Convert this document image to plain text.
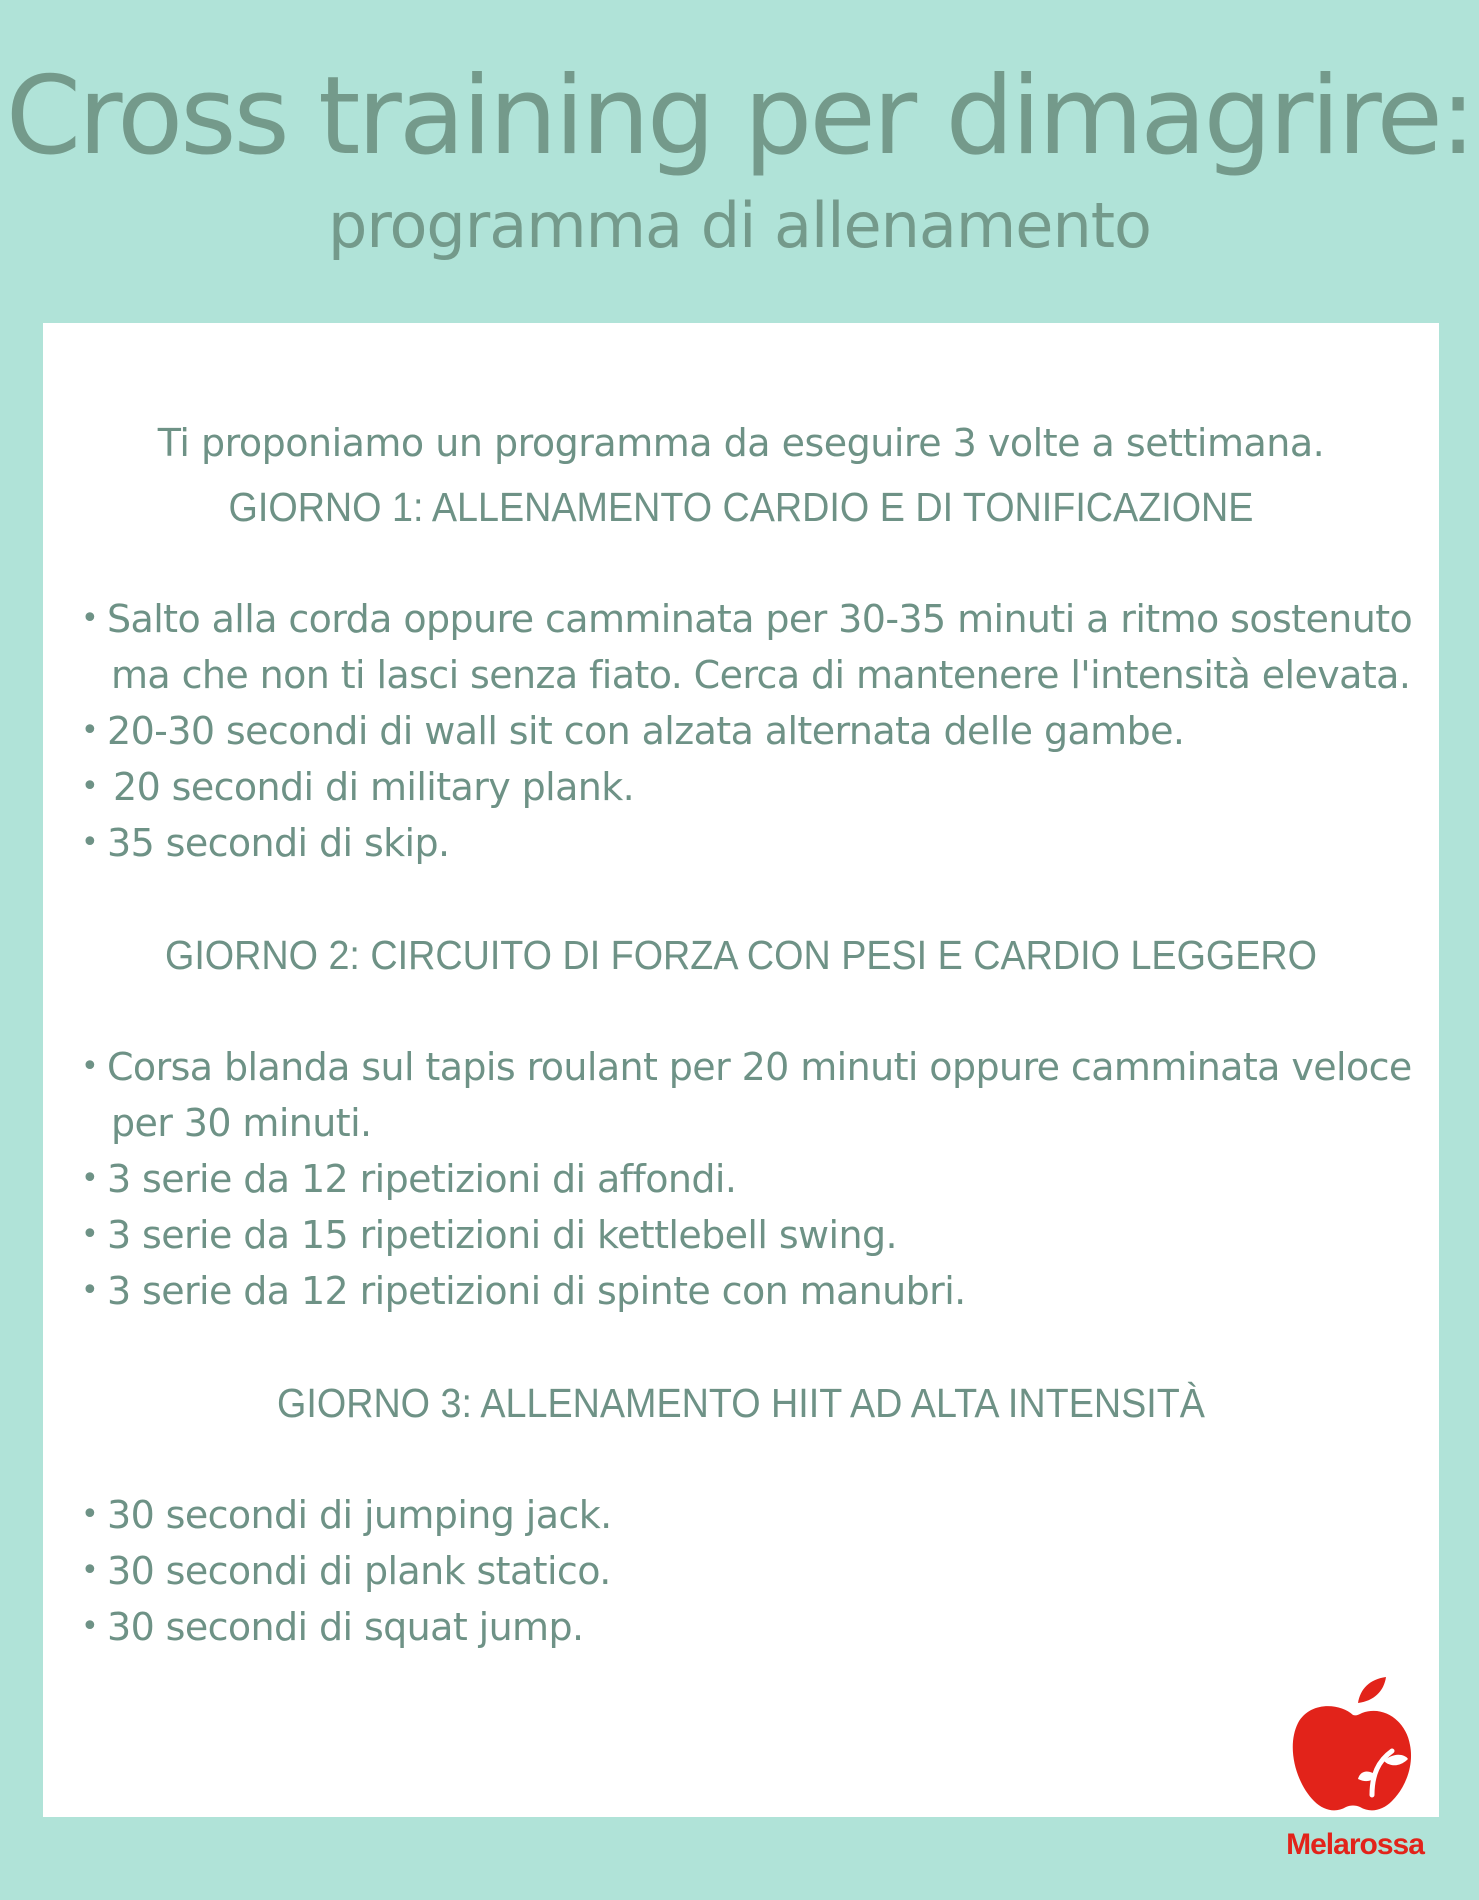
Cross training per dimagrire:
programma di allenamento

Ti proponiamo un programma da eseguire 3 volte a settimana.

GIORNO 1: ALLENAMENTO CARDIO E DI TONIFICAZIONE
• Salto alla corda oppure camminata per 30-35 minuti a ritmo sostenuto
ma che non ti lasci senza fiato. Cerca di mantenere l'intensità elevata.
• 20-30 secondi di wall sit con alzata alternata delle gambe.
• 20 secondi di military plank.
• 35 secondi di skip.
GIORNO 2: CIRCUITO DI FORZA CON PESI E CARDIO LEGGERO
• Corsa blanda sul tapis roulant per 20 minuti oppure camminata veloce
per 30 minuti.
• 3 serie da 12 ripetizioni di affondi.
• 3 serie da 15 ripetizioni di kettlebell swing.
• 3 serie da 12 ripetizioni di spinte con manubri.
GIORNO 3: ALLENAMENTO HIIT AD ALTA INTENSITÀ
• 30 secondi di jumping jack.
• 30 secondi di plank statico.
• 30 secondi di squat jump.
Melarossa
